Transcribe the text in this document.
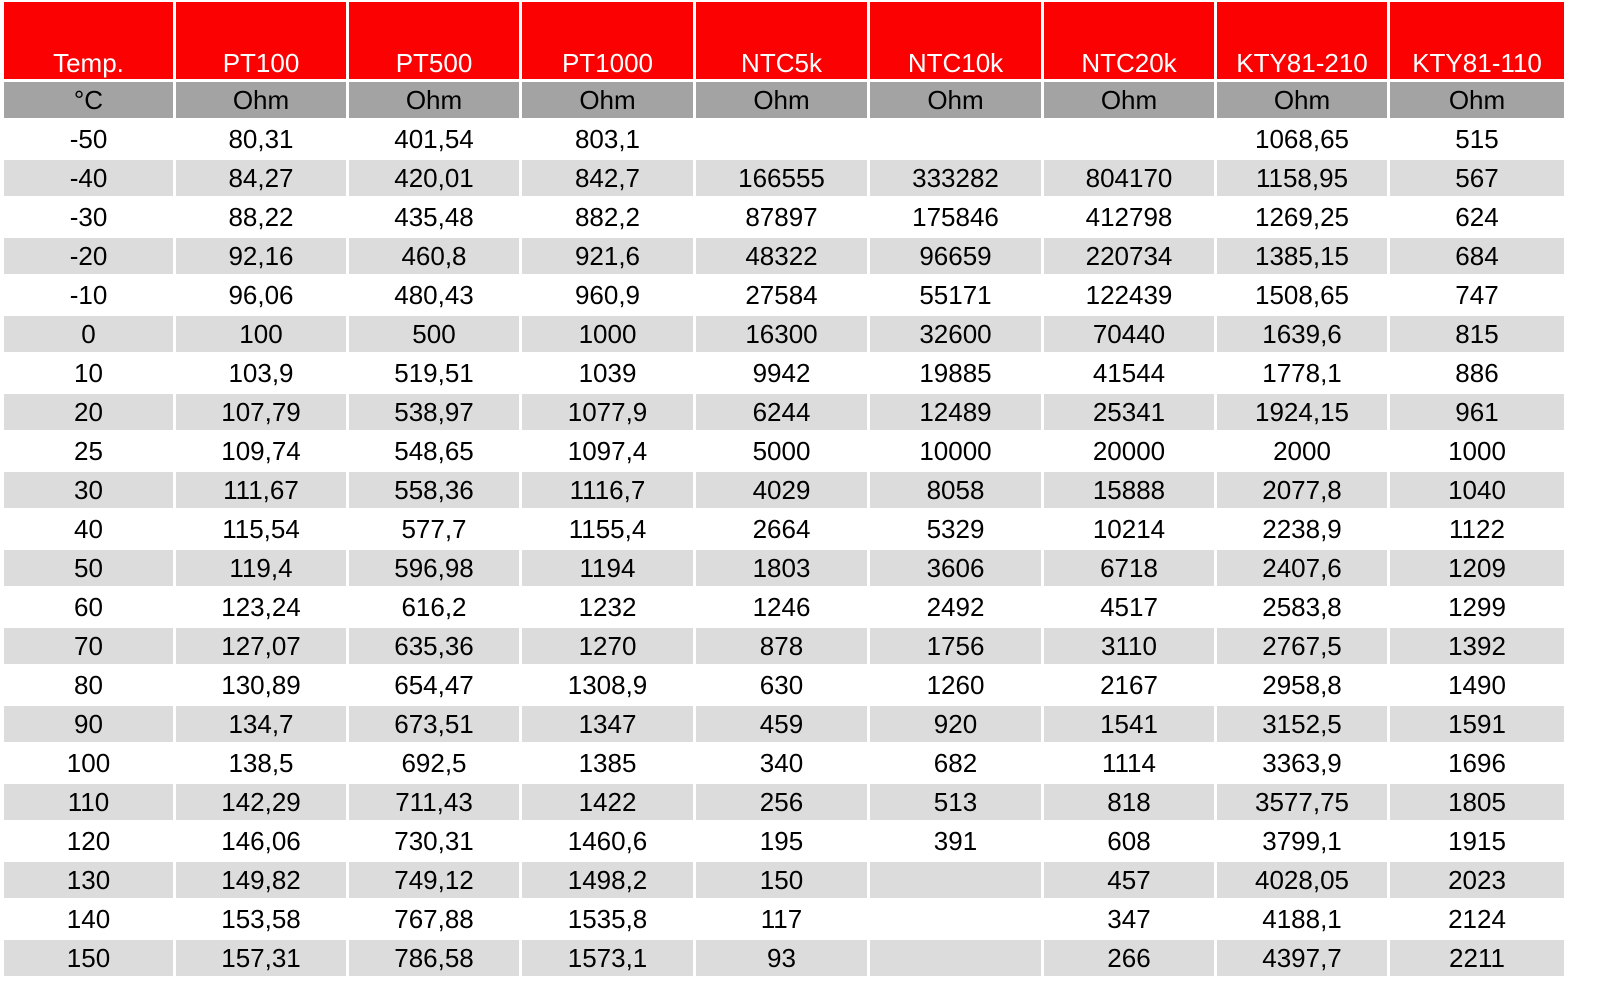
Temp.	PT100	PT500	PT1000	NTC5k	NTC10k	NTC20k	KTY81-210	KTY81-110
°C	Ohm	Ohm	Ohm	Ohm	Ohm	Ohm	Ohm	Ohm
-50	80,31	401,54	803,1				1068,65	515
-40	84,27	420,01	842,7	166555	333282	804170	1158,95	567
-30	88,22	435,48	882,2	87897	175846	412798	1269,25	624
-20	92,16	460,8	921,6	48322	96659	220734	1385,15	684
-10	96,06	480,43	960,9	27584	55171	122439	1508,65	747
0	100	500	1000	16300	32600	70440	1639,6	815
10	103,9	519,51	1039	9942	19885	41544	1778,1	886
20	107,79	538,97	1077,9	6244	12489	25341	1924,15	961
25	109,74	548,65	1097,4	5000	10000	20000	2000	1000
30	111,67	558,36	1116,7	4029	8058	15888	2077,8	1040
40	115,54	577,7	1155,4	2664	5329	10214	2238,9	1122
50	119,4	596,98	1194	1803	3606	6718	2407,6	1209
60	123,24	616,2	1232	1246	2492	4517	2583,8	1299
70	127,07	635,36	1270	878	1756	3110	2767,5	1392
80	130,89	654,47	1308,9	630	1260	2167	2958,8	1490
90	134,7	673,51	1347	459	920	1541	3152,5	1591
100	138,5	692,5	1385	340	682	1114	3363,9	1696
110	142,29	711,43	1422	256	513	818	3577,75	1805
120	146,06	730,31	1460,6	195	391	608	3799,1	1915
130	149,82	749,12	1498,2	150		457	4028,05	2023
140	153,58	767,88	1535,8	117		347	4188,1	2124
150	157,31	786,58	1573,1	93		266	4397,7	2211
